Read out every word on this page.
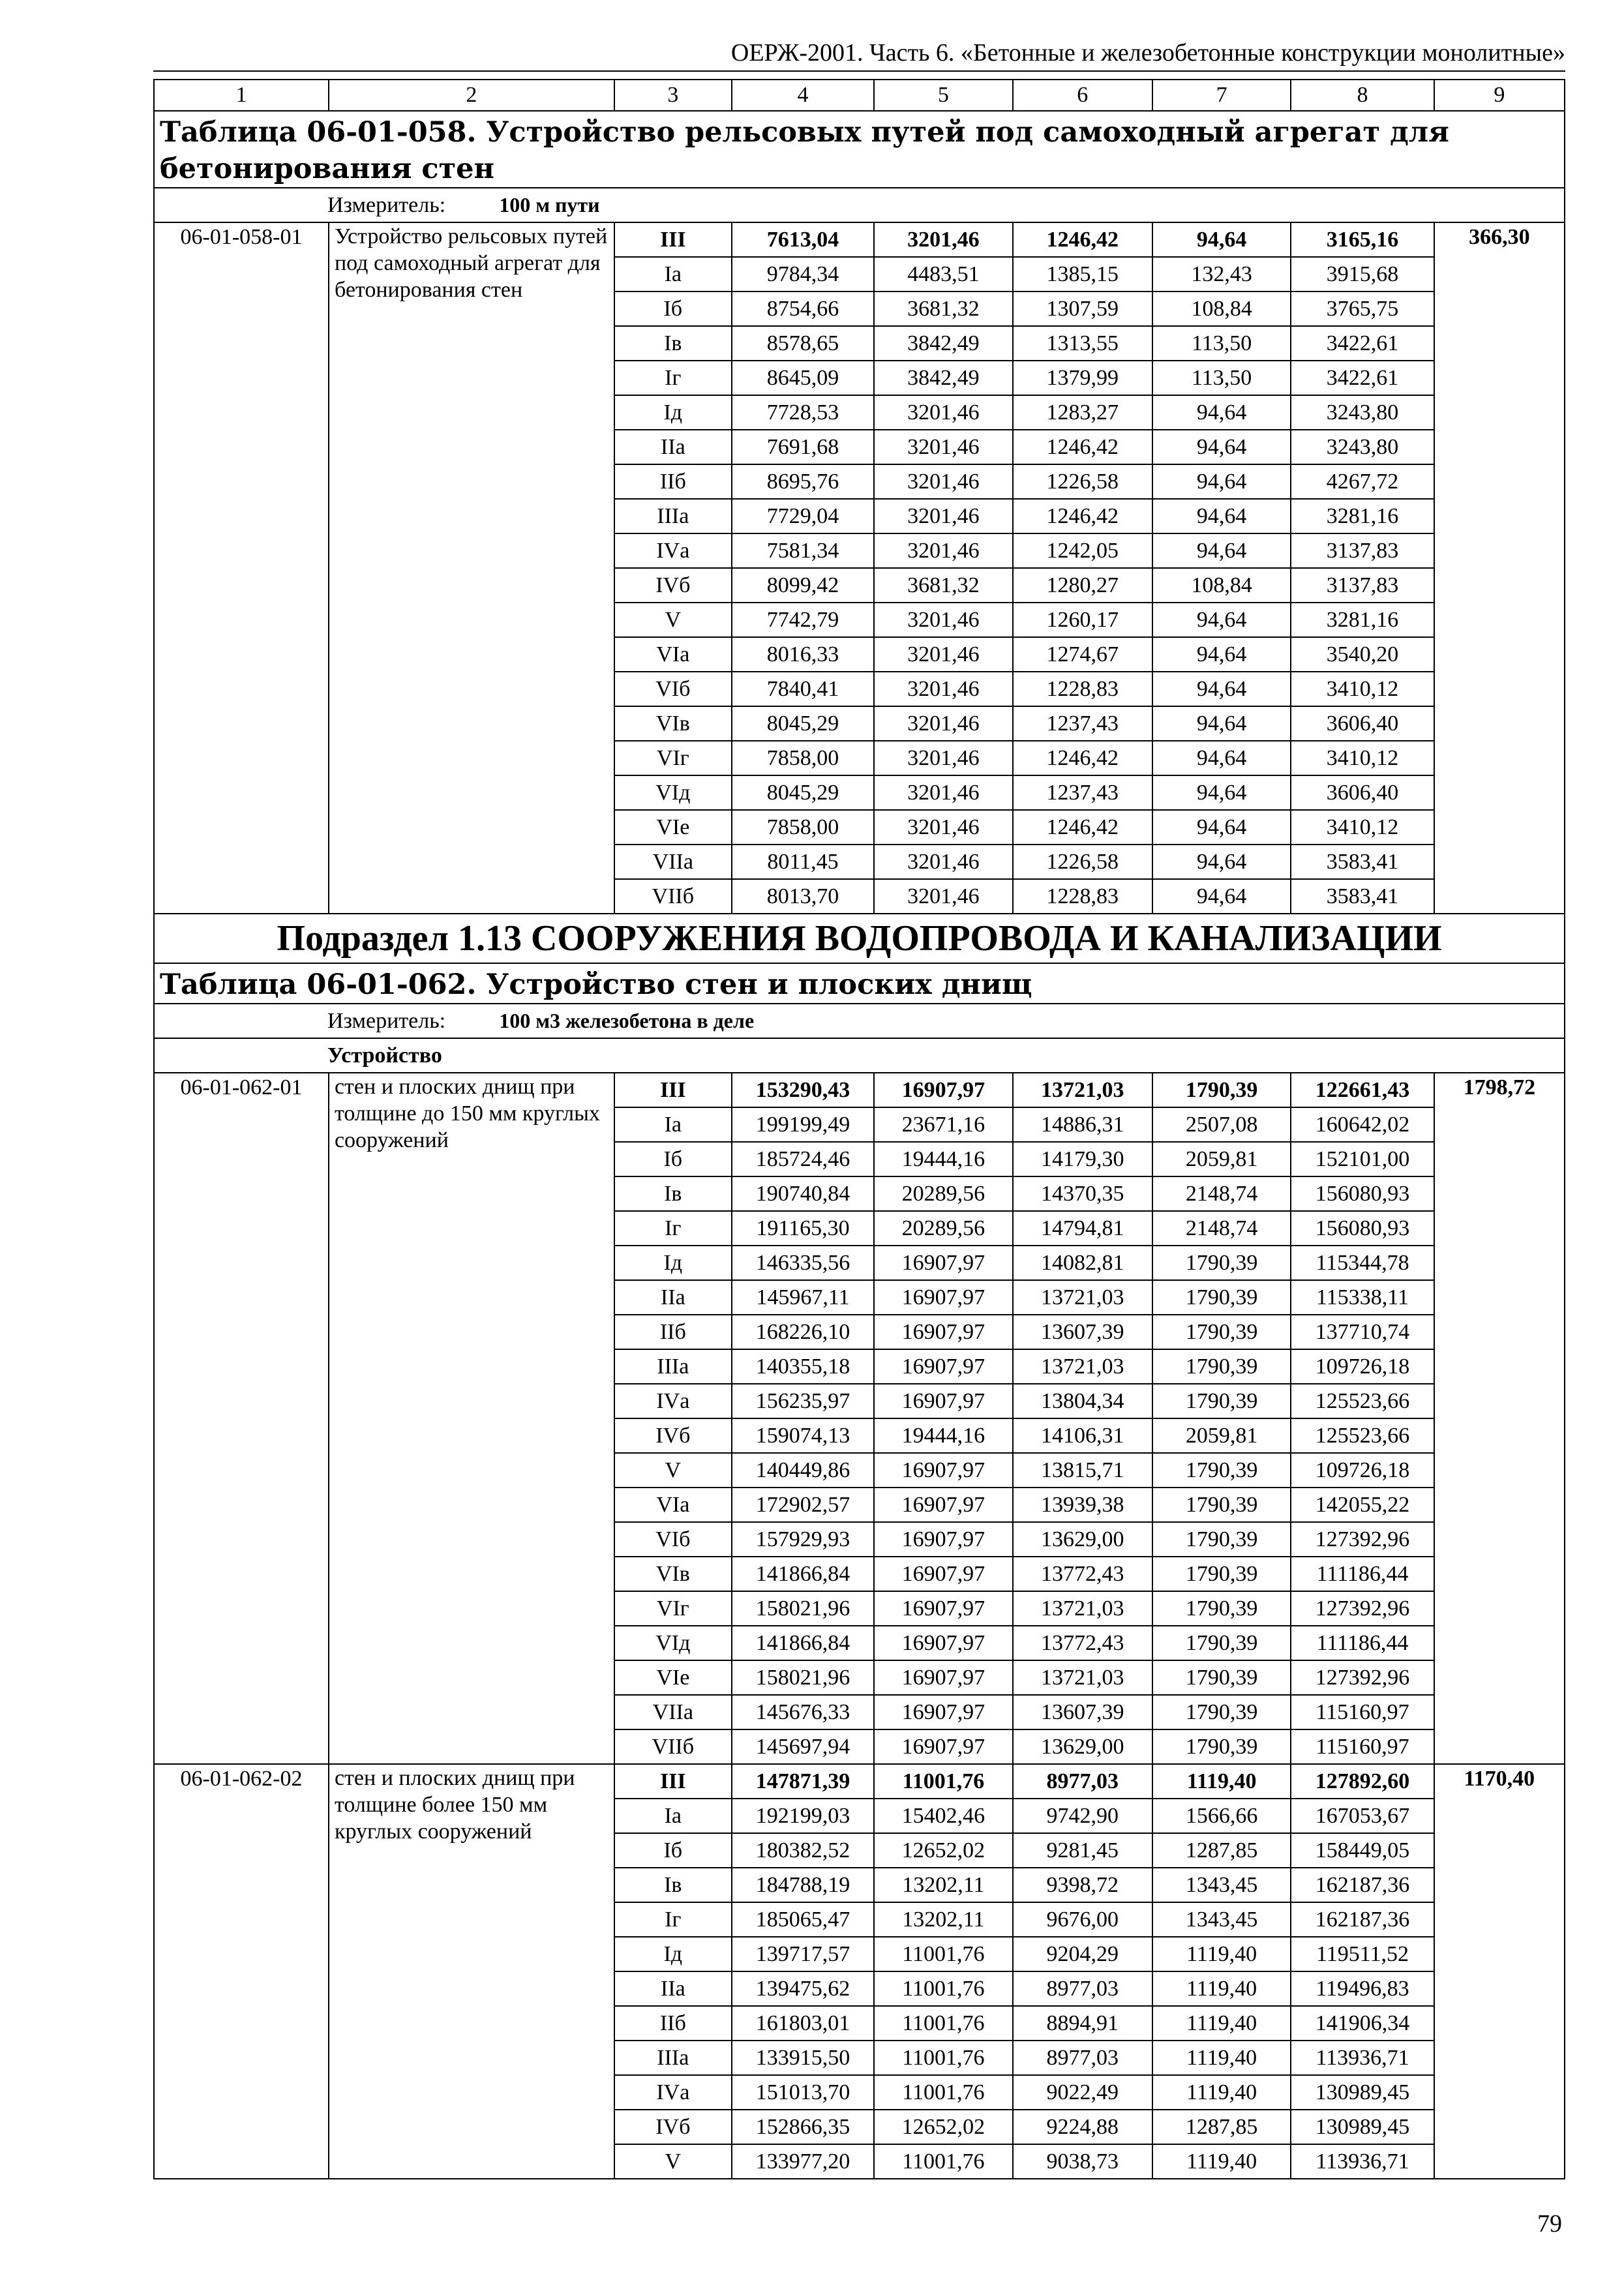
ОЕРЖ-2001. Часть 6. «Бетонные и железобетонные конструкции монолитные»
1	2	3	4	5	6	7	8	9
Таблица 06-01-058. Устройство рельсовых путей под самоходный агрегат для бетонирования стен								
Измеритель: 100 м пути								
06-01-058-01	Устройство рельсовых путей под самоходный агрегат для бетонирования стен	III	7613,04	3201,46	1246,42	94,64	3165,16	366,30
		Iа	9784,34	4483,51	1385,15	132,43	3915,68	
		Iб	8754,66	3681,32	1307,59	108,84	3765,75	
		Iв	8578,65	3842,49	1313,55	113,50	3422,61	
		Iг	8645,09	3842,49	1379,99	113,50	3422,61	
		Iд	7728,53	3201,46	1283,27	94,64	3243,80	
		IIа	7691,68	3201,46	1246,42	94,64	3243,80	
		IIб	8695,76	3201,46	1226,58	94,64	4267,72	
		IIIа	7729,04	3201,46	1246,42	94,64	3281,16	
		IVа	7581,34	3201,46	1242,05	94,64	3137,83	
		IVб	8099,42	3681,32	1280,27	108,84	3137,83	
		V	7742,79	3201,46	1260,17	94,64	3281,16	
		VIа	8016,33	3201,46	1274,67	94,64	3540,20	
		VIб	7840,41	3201,46	1228,83	94,64	3410,12	
		VIв	8045,29	3201,46	1237,43	94,64	3606,40	
		VIг	7858,00	3201,46	1246,42	94,64	3410,12	
		VIд	8045,29	3201,46	1237,43	94,64	3606,40	
		VIе	7858,00	3201,46	1246,42	94,64	3410,12	
		VIIа	8011,45	3201,46	1226,58	94,64	3583,41	
		VIIб	8013,70	3201,46	1228,83	94,64	3583,41	
Подраздел 1.13 СООРУЖЕНИЯ ВОДОПРОВОДА И КАНАЛИЗАЦИИ								
Таблица 06-01-062. Устройство стен и плоских днищ								
Измеритель: 100 м3 железобетона в деле								
Устройство								
06-01-062-01	стен и плоских днищ при толщине до 150 мм круглых сооружений	III	153290,43	16907,97	13721,03	1790,39	122661,43	1798,72
		Iа	199199,49	23671,16	14886,31	2507,08	160642,02	
		Iб	185724,46	19444,16	14179,30	2059,81	152101,00	
		Iв	190740,84	20289,56	14370,35	2148,74	156080,93	
		Iг	191165,30	20289,56	14794,81	2148,74	156080,93	
		Iд	146335,56	16907,97	14082,81	1790,39	115344,78	
		IIа	145967,11	16907,97	13721,03	1790,39	115338,11	
		IIб	168226,10	16907,97	13607,39	1790,39	137710,74	
		IIIа	140355,18	16907,97	13721,03	1790,39	109726,18	
		IVа	156235,97	16907,97	13804,34	1790,39	125523,66	
		IVб	159074,13	19444,16	14106,31	2059,81	125523,66	
		V	140449,86	16907,97	13815,71	1790,39	109726,18	
		VIа	172902,57	16907,97	13939,38	1790,39	142055,22	
		VIб	157929,93	16907,97	13629,00	1790,39	127392,96	
		VIв	141866,84	16907,97	13772,43	1790,39	111186,44	
		VIг	158021,96	16907,97	13721,03	1790,39	127392,96	
		VIд	141866,84	16907,97	13772,43	1790,39	111186,44	
		VIе	158021,96	16907,97	13721,03	1790,39	127392,96	
		VIIа	145676,33	16907,97	13607,39	1790,39	115160,97	
		VIIб	145697,94	16907,97	13629,00	1790,39	115160,97	
06-01-062-02	стен и плоских днищ при толщине более 150 мм круглых сооружений	III	147871,39	11001,76	8977,03	1119,40	127892,60	1170,40
		Iа	192199,03	15402,46	9742,90	1566,66	167053,67	
		Iб	180382,52	12652,02	9281,45	1287,85	158449,05	
		Iв	184788,19	13202,11	9398,72	1343,45	162187,36	
		Iг	185065,47	13202,11	9676,00	1343,45	162187,36	
		Iд	139717,57	11001,76	9204,29	1119,40	119511,52	
		IIа	139475,62	11001,76	8977,03	1119,40	119496,83	
		IIб	161803,01	11001,76	8894,91	1119,40	141906,34	
		IIIа	133915,50	11001,76	8977,03	1119,40	113936,71	
		IVа	151013,70	11001,76	9022,49	1119,40	130989,45	
		IVб	152866,35	12652,02	9224,88	1287,85	130989,45	
		V	133977,20	11001,76	9038,73	1119,40	113936,71	
79
